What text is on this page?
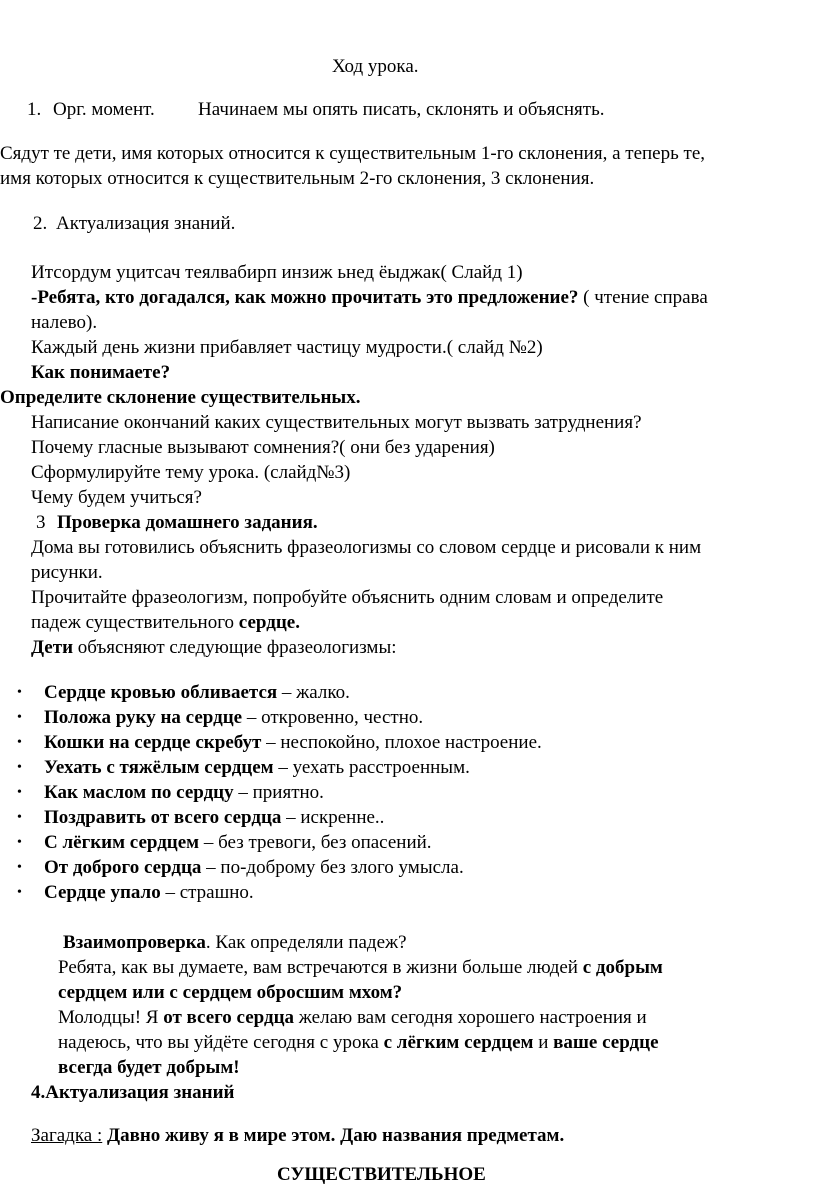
Ход урока.
1. Орг. момент. Начинаем мы опять писать, склонять и объяснять.
Сядут те дети, имя которых относится к существительным 1-го склонения, а теперь те,
имя которых относится к существительным 2-го склонения, 3 склонения.
2. Актуализация знаний.
Итсордум уцитсач теялвабирп инзиж ьнед ёыджак( Слайд 1)
-Ребята, кто догадался, как можно прочитать это предложение? ( чтение справа
налево).
Каждый день жизни прибавляет частицу мудрости.( слайд №2)
Как понимаете?
Определите склонение существительных.
Написание окончаний каких существительных могут вызвать затруднения?
Почему гласные вызывают сомнения?( они без ударения)
Сформулируйте тему урока. (слайд№3)
Чему будем учиться?
3 Проверка домашнего задания.
Дома вы готовились объяснить фразеологизмы со словом сердце и рисовали к ним
рисунки.
Прочитайте фразеологизм, попробуйте объяснить одним словам и определите
падеж существительного сердце.
Дети объясняют следующие фразеологизмы:
• Сердце кровью обливается – жалко.
• Положа руку на сердце – откровенно, честно.
• Кошки на сердце скребут – неспокойно, плохое настроение.
• Уехать с тяжёлым сердцем – уехать расстроенным.
• Как маслом по сердцу – приятно.
• Поздравить от всего сердца – искренне..
• С лёгким сердцем – без тревоги, без опасений.
• От доброго сердца – по-доброму без злого умысла.
• Сердце упало – страшно.
Взаимопроверка. Как определяли падеж?
Ребята, как вы думаете, вам встречаются в жизни больше людей с добрым
сердцем или с сердцем обросшим мхом?
Молодцы! Я от всего сердца желаю вам сегодня хорошего настроения и
надеюсь, что вы уйдёте сегодня с урока с лёгким сердцем и ваше сердце
всегда будет добрым!
4.Актуализация знаний
Загадка : Давно живу я в мире этом. Даю названия предметам.
СУЩЕСТВИТЕЛЬНОЕ
